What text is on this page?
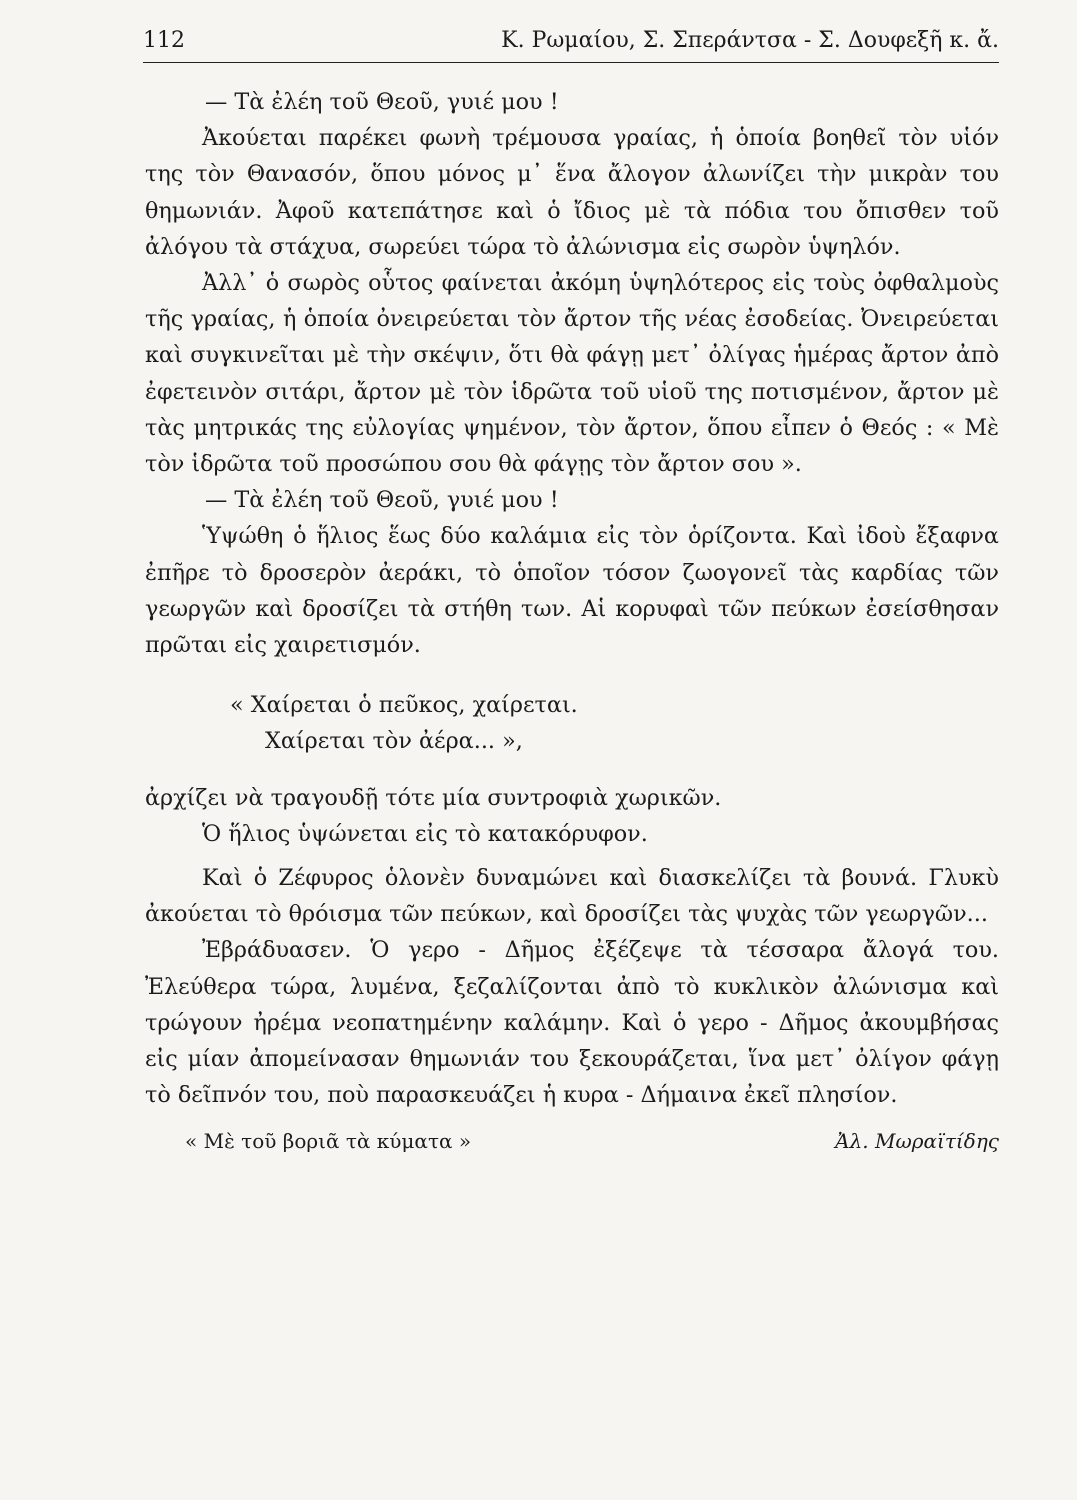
112	Κ. Ρωμαίου, Σ. Σπεράντσα - Σ. Δουφεξῆ κ. ἄ.

— Τὰ ἐλέη τοῦ Θεοῦ, γυιέ μου !

Ἀκούεται παρέκει φωνὴ τρέμουσα γραίας, ἡ ὁποία βοηθεῖ τὸν υἱόν της τὸν Θανασόν, ὅπου μόνος μ᾿ ἕνα ἄλογον ἀλωνίζει τὴν μικρὰν του θημωνιάν. Ἀφοῦ κατεπάτησε καὶ ὁ ἴδιος μὲ τὰ πόδια του ὄπισθεν τοῦ ἀλόγου τὰ στάχυα, σωρεύει τώρα τὸ ἀλώνισμα εἰς σωρὸν ὑψηλόν.

Ἀλλ᾿ ὁ σωρὸς οὗτος φαίνεται ἀκόμη ὑψηλότερος εἰς τοὺς ὀφθαλμοὺς τῆς γραίας, ἡ ὁποία ὀνειρεύεται τὸν ἄρτον τῆς νέας ἐσοδείας. Ὀνειρεύεται καὶ συγκινεῖται μὲ τὴν σκέψιν, ὅτι θὰ φάγῃ μετ᾿ ὀλίγας ἡμέρας ἄρτον ἀπὸ ἐφετεινὸν σιτάρι, ἄρτον μὲ τὸν ἱδρῶτα τοῦ υἱοῦ της ποτισμένον, ἄρτον μὲ τὰς μητρικάς της εὐλογίας ψημένον, τὸν ἄρτον, ὅπου εἶπεν ὁ Θεός : « Μὲ τὸν ἱδρῶτα τοῦ προσώπου σου θὰ φάγῃς τὸν ἄρτον σου ».

— Τὰ ἐλέη τοῦ Θεοῦ, γυιέ μου !

Ὑψώθη ὁ ἥλιος ἕως δύο καλάμια εἰς τὸν ὁρίζοντα. Καὶ ἰδοὺ ἔξαφνα ἐπῆρε τὸ δροσερὸν ἀεράκι, τὸ ὁποῖον τόσον ζωογονεῖ τὰς καρδίας τῶν γεωργῶν καὶ δροσίζει τὰ στήθη των. Αἱ κορυφαὶ τῶν πεύκων ἐσείσθησαν πρῶται εἰς χαιρετισμόν.

« Χαίρεται ὁ πεῦκος, χαίρεται.
Χαίρεται τὸν ἀέρα... »,

ἀρχίζει νὰ τραγουδῇ τότε μία συντροφιὰ χωρικῶν.

Ὁ ἥλιος ὑψώνεται εἰς τὸ κατακόρυφον.

Καὶ ὁ Ζέφυρος ὁλονὲν δυναμώνει καὶ διασκελίζει τὰ βουνά. Γλυκὺ ἀκούεται τὸ θρόισμα τῶν πεύκων, καὶ δροσίζει τὰς ψυχὰς τῶν γεωργῶν...

Ἐβράδυασεν. Ὁ γερο - Δῆμος ἐξέζεψε τὰ τέσσαρα ἄλογά του. Ἐλεύθερα τώρα, λυμένα, ξεζαλίζονται ἀπὸ τὸ κυκλικὸν ἀλώνισμα καὶ τρώγουν ἠρέμα νεοπατημένην καλάμην. Καὶ ὁ γερο - Δῆμος ἀκουμβήσας εἰς μίαν ἀπομείνασαν θημωνιάν του ξεκουράζεται, ἵνα μετ᾿ ὀλίγον φάγῃ τὸ δεῖπνόν του, ποὺ παρασκευάζει ἡ κυρα - Δήμαινα ἐκεῖ πλησίον.

« Μὲ τοῦ βοριᾶ τὰ κύματα »	Ἀλ. Μωραϊτίδης
